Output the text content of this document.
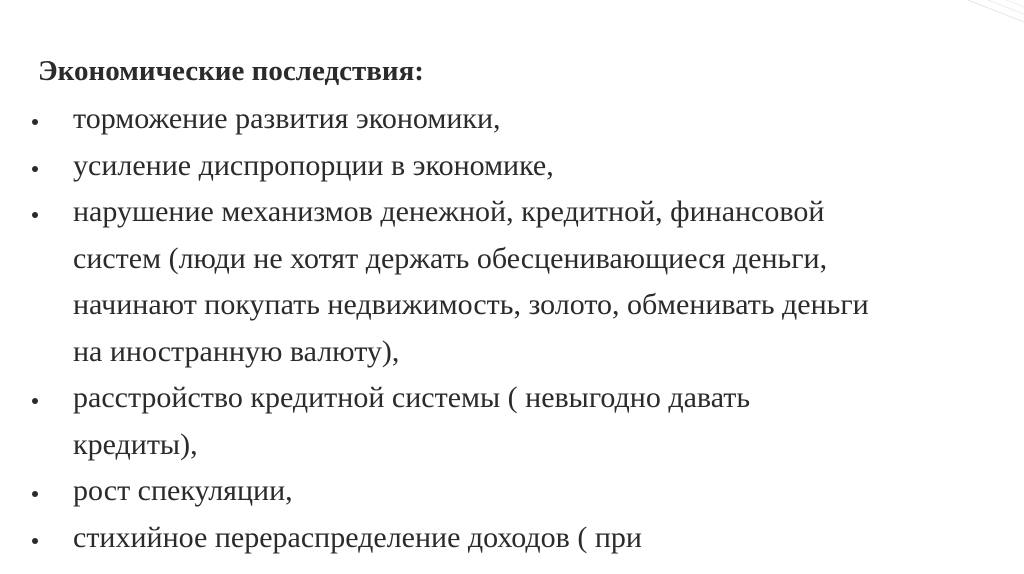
Экономические последствия:
торможение развития экономики,
усиление диспропорции в экономике,
нарушение механизмов денежной, кредитной, финансовой
систем (люди не хотят держать обесценивающиеся деньги,
начинают покупать недвижимость, золото, обменивать деньги
на иностранную валюту),
расстройство кредитной системы ( невыгодно давать
кредиты),
рост спекуляции,
стихийное перераспределение доходов ( при
